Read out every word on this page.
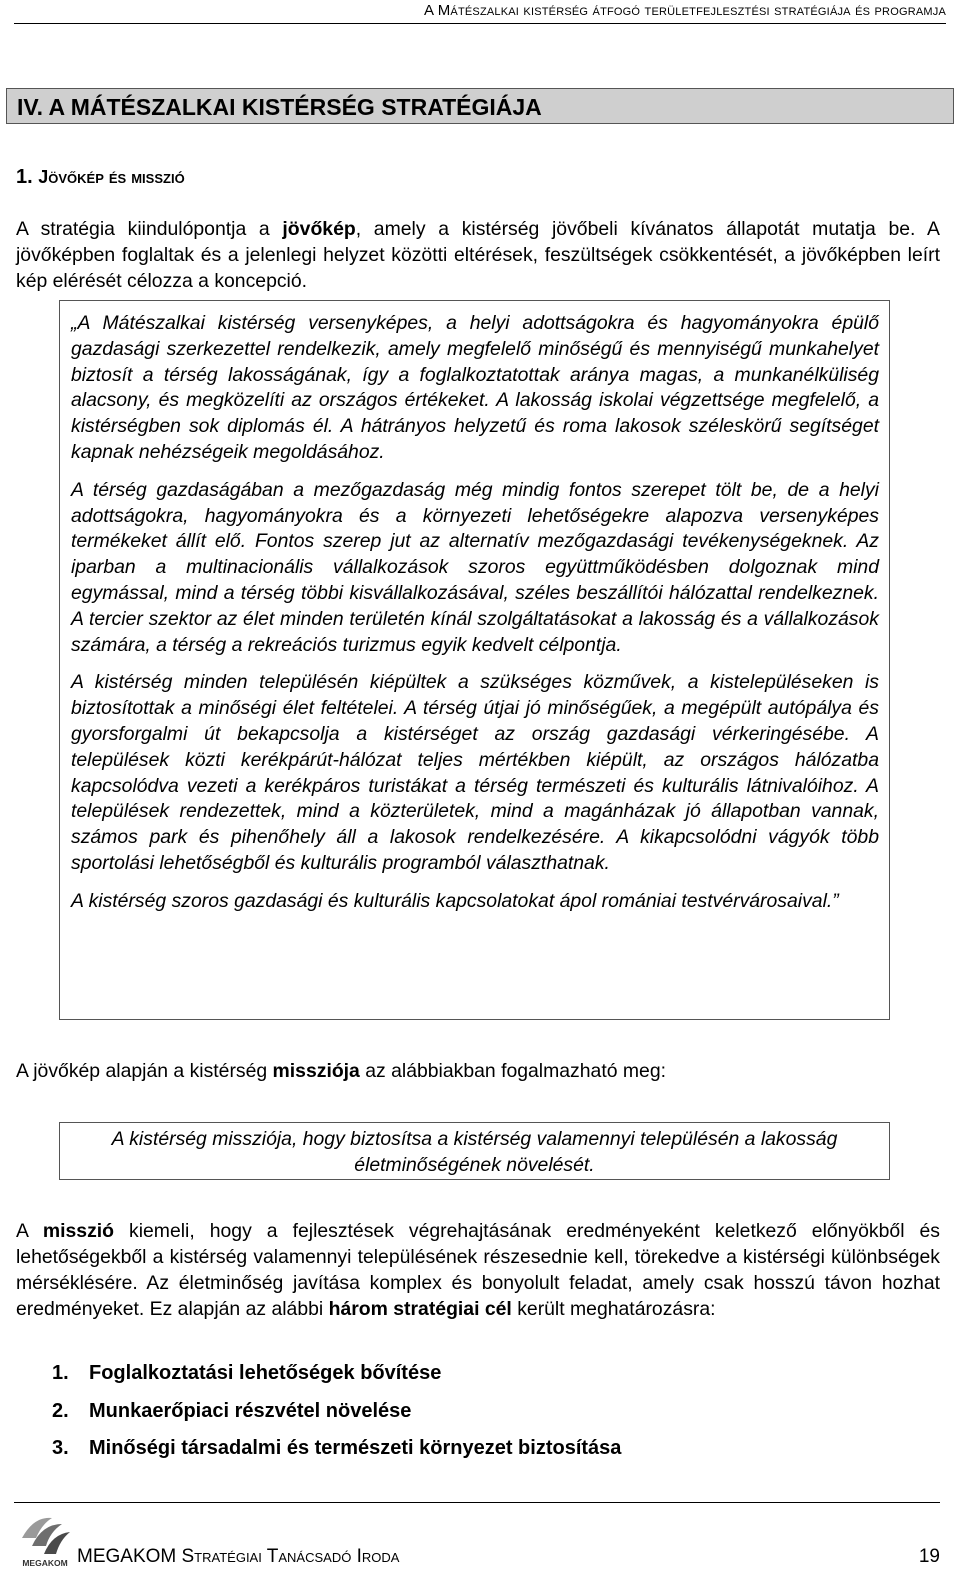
A Mátészalkai kistérség átfogó területfejlesztési stratégiája és programja
IV. A MÁTÉSZALKAI KISTÉRSÉG STRATÉGIÁJA
1. Jövőkép és misszió

A stratégia kiindulópontja a jövőkép, amely a kistérség jövőbeli kívánatos állapotát mutatja be. A jövőképben foglaltak és a jelenlegi helyzet közötti eltérések, feszültségek csökkentését, a jövőképben leírt kép elérését célozza a koncepció.

„A Mátészalkai kistérség versenyképes, a helyi adottságokra és hagyományokra épülő gazdasági szerkezettel rendelkezik, amely megfelelő minőségű és mennyiségű munkahelyet biztosít a térség lakosságának, így a foglalkoztatottak aránya magas, a munkanélküliség alacsony, és megközelíti az országos értékeket. A lakosság iskolai végzettsége megfelelő, a kistérségben sok diplomás él. A hátrányos helyzetű és roma lakosok széleskörű segítséget kapnak nehézségeik megoldásához.

A térség gazdaságában a mezőgazdaság még mindig fontos szerepet tölt be, de a helyi adottságokra, hagyományokra és a környezeti lehetőségekre alapozva versenyképes termékeket állít elő. Fontos szerep jut az alternatív mezőgazdasági tevékenységeknek. Az iparban a multinacionális vállalkozások szoros együttműködésben dolgoznak mind egymással, mind a térség többi kisvállalkozásával, széles beszállítói hálózattal rendelkeznek. A tercier szektor az élet minden területén kínál szolgáltatásokat a lakosság és a vállalkozások számára, a térség a rekreációs turizmus egyik kedvelt célpontja.

A kistérség minden településén kiépültek a szükséges közművek, a kistelepüléseken is biztosítottak a minőségi élet feltételei. A térség útjai jó minőségűek, a megépült autópálya és gyorsforgalmi út bekapcsolja a kistérséget az ország gazdasági vérkeringésébe. A települések közti kerékpárút-hálózat teljes mértékben kiépült, az országos hálózatba kapcsolódva vezeti a kerékpáros turistákat a térség természeti és kulturális látnivalóihoz. A települések rendezettek, mind a közterületek, mind a magánházak jó állapotban vannak, számos park és pihenőhely áll a lakosok rendelkezésére. A kikapcsolódni vágyók több sportolási lehetőségből és kulturális programból választhatnak.

A kistérség szoros gazdasági és kulturális kapcsolatokat ápol romániai testvérvárosaival.”

A jövőkép alapján a kistérség missziója az alábbiakban fogalmazható meg:

A kistérség missziója, hogy biztosítsa a kistérség valamennyi településén a lakosság életminőségének növelését.

A misszió kiemeli, hogy a fejlesztések végrehajtásának eredményeként keletkező előnyökből és lehetőségekből a kistérség valamennyi településének részesednie kell, törekedve a kistérségi különbségek mérséklésére. Az életminőség javítása komplex és bonyolult feladat, amely csak hosszú távon hozhat eredményeket. Ez alapján az alábbi három stratégiai cél került meghatározásra:

1. Foglalkoztatási lehetőségek bővítése
2. Munkaerőpiaci részvétel növelése
3. Minőségi társadalmi és természeti környezet biztosítása
MEGAKOM MEGAKOM Stratégiai Tanácsadó Iroda	19
